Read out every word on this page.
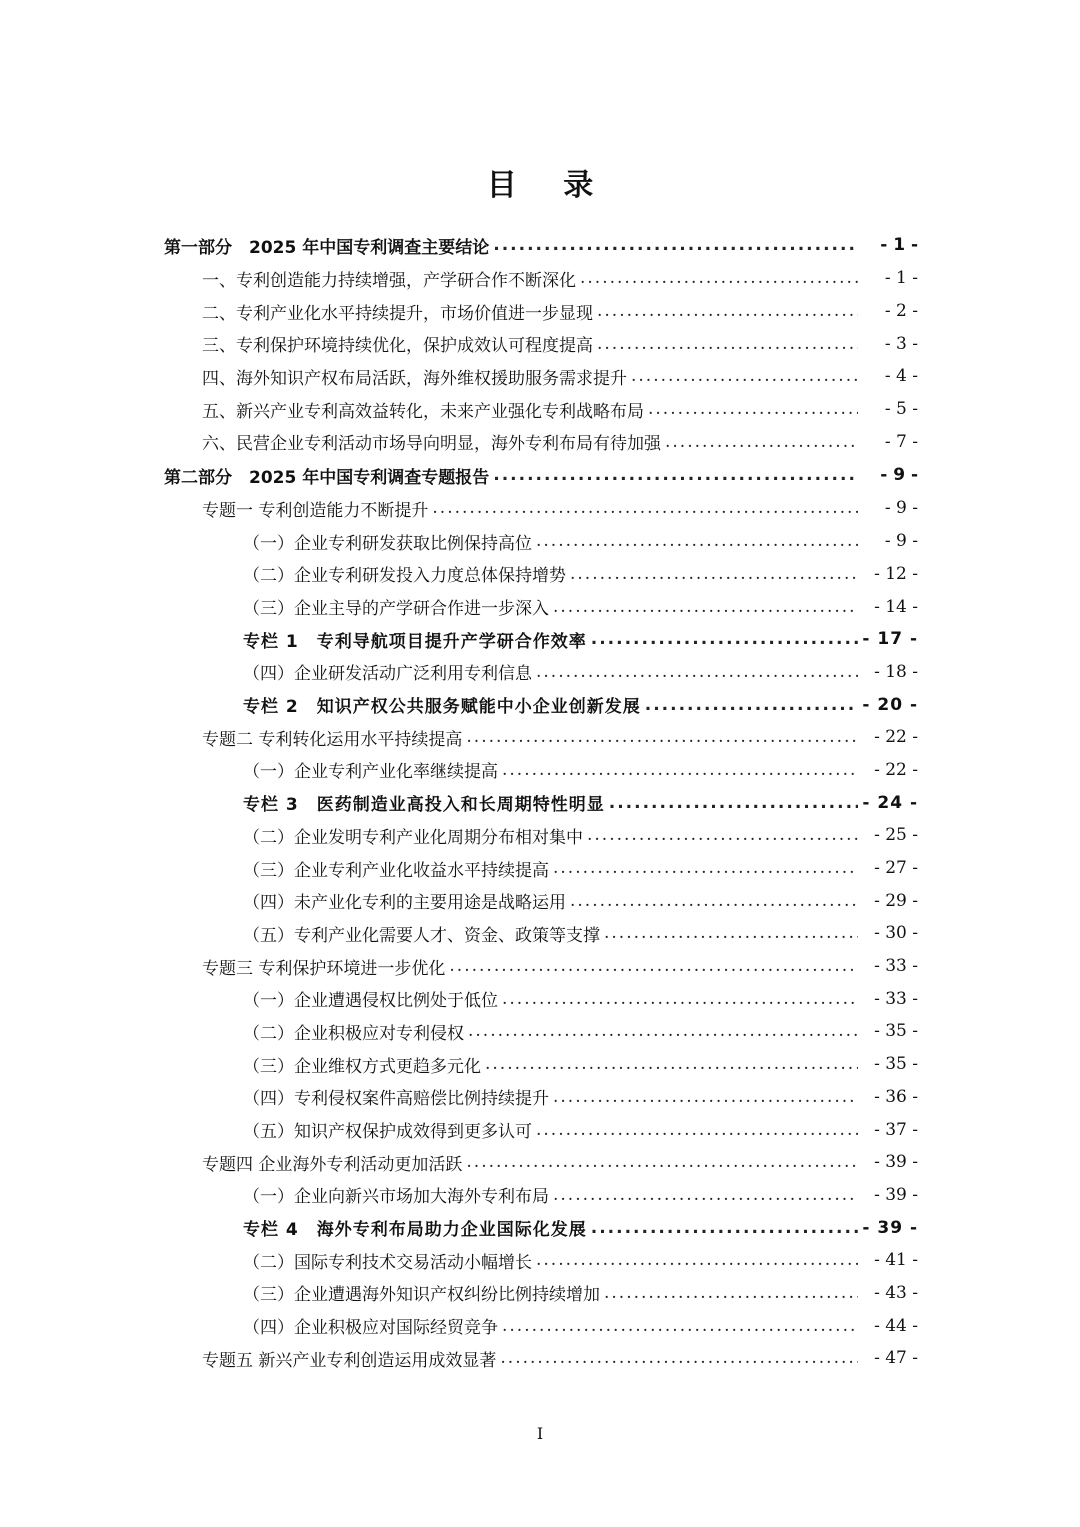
目 录
第一部分　2025 年中国专利调查主要结论 .....	- 1 -
一、专利创造能力持续增强，产学研合作不断深化 .....	- 1 -
二、专利产业化水平持续提升，市场价值进一步显现 .....	- 2 -
三、专利保护环境持续优化，保护成效认可程度提高 .....	- 3 -
四、海外知识产权布局活跃，海外维权援助服务需求提升 .....	- 4 -
五、新兴产业专利高效益转化，未来产业强化专利战略布局 .....	- 5 -
六、民营企业专利活动市场导向明显，海外专利布局有待加强 .....	- 7 -
第二部分　2025 年中国专利调查专题报告 .....	- 9 -
专题一 专利创造能力不断提升 .....	- 9 -
（一）企业专利研发获取比例保持高位 .....	- 9 -
（二）企业专利研发投入力度总体保持增势 .....	- 12 -
（三）企业主导的产学研合作进一步深入 .....	- 14 -
专栏 1　专利导航项目提升产学研合作效率 .....	- 17 -
（四）企业研发活动广泛利用专利信息 .....	- 18 -
专栏 2　知识产权公共服务赋能中小企业创新发展 .....	- 20 -
专题二 专利转化运用水平持续提高 .....	- 22 -
（一）企业专利产业化率继续提高 .....	- 22 -
专栏 3　医药制造业高投入和长周期特性明显 .....	- 24 -
（二）企业发明专利产业化周期分布相对集中 .....	- 25 -
（三）企业专利产业化收益水平持续提高 .....	- 27 -
（四）未产业化专利的主要用途是战略运用 .....	- 29 -
（五）专利产业化需要人才、资金、政策等支撑 .....	- 30 -
专题三 专利保护环境进一步优化 .....	- 33 -
（一）企业遭遇侵权比例处于低位 .....	- 33 -
（二）企业积极应对专利侵权 .....	- 35 -
（三）企业维权方式更趋多元化 .....	- 35 -
（四）专利侵权案件高赔偿比例持续提升 .....	- 36 -
（五）知识产权保护成效得到更多认可 .....	- 37 -
专题四 企业海外专利活动更加活跃 .....	- 39 -
（一）企业向新兴市场加大海外专利布局 .....	- 39 -
专栏 4　海外专利布局助力企业国际化发展 .....	- 39 -
（二）国际专利技术交易活动小幅增长 .....	- 41 -
（三）企业遭遇海外知识产权纠纷比例持续增加 .....	- 43 -
（四）企业积极应对国际经贸竞争 .....	- 44 -
专题五 新兴产业专利创造运用成效显著 .....	- 47 -
I
